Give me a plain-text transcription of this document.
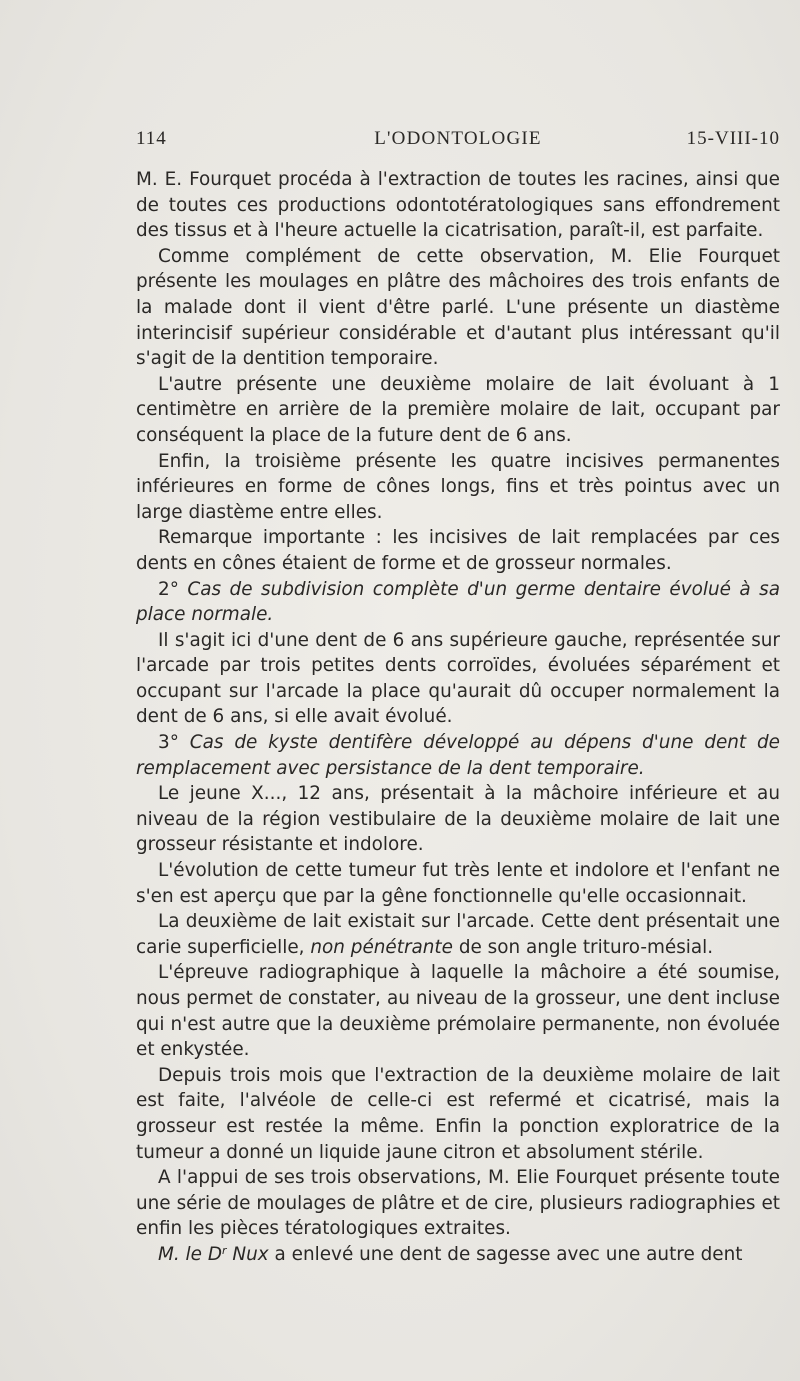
114	L'ODONTOLOGIE	15-VIII-10

M. E. Fourquet procéda à l'extraction de toutes les racines, ainsi que de toutes ces productions odontotératologiques sans effondrement des tissus et à l'heure actuelle la cicatrisation, paraît-il, est parfaite.

Comme complément de cette observation, M. Elie Fourquet présente les moulages en plâtre des mâchoires des trois enfants de la malade dont il vient d'être parlé. L'une présente un diastème interincisif supérieur considérable et d'autant plus intéressant qu'il s'agit de la dentition temporaire.

L'autre présente une deuxième molaire de lait évoluant à 1 centimètre en arrière de la première molaire de lait, occupant par conséquent la place de la future dent de 6 ans.

Enfin, la troisième présente les quatre incisives permanentes inférieures en forme de cônes longs, fins et très pointus avec un large diastème entre elles.

Remarque importante : les incisives de lait remplacées par ces dents en cônes étaient de forme et de grosseur normales.

2° Cas de subdivision complète d'un germe dentaire évolué à sa place normale.

Il s'agit ici d'une dent de 6 ans supérieure gauche, représentée sur l'arcade par trois petites dents corroïdes, évoluées séparément et occupant sur l'arcade la place qu'aurait dû occuper normalement la dent de 6 ans, si elle avait évolué.

3° Cas de kyste dentifère développé au dépens d'une dent de remplacement avec persistance de la dent temporaire.

Le jeune X..., 12 ans, présentait à la mâchoire inférieure et au niveau de la région vestibulaire de la deuxième molaire de lait une grosseur résistante et indolore.

L'évolution de cette tumeur fut très lente et indolore et l'enfant ne s'en est aperçu que par la gêne fonctionnelle qu'elle occasionnait.

La deuxième de lait existait sur l'arcade. Cette dent présentait une carie superficielle, non pénétrante de son angle trituro-mésial.

L'épreuve radiographique à laquelle la mâchoire a été soumise, nous permet de constater, au niveau de la grosseur, une dent incluse qui n'est autre que la deuxième prémolaire permanente, non évoluée et enkystée.

Depuis trois mois que l'extraction de la deuxième molaire de lait est faite, l'alvéole de celle-ci est refermé et cicatrisé, mais la grosseur est restée la même. Enfin la ponction exploratrice de la tumeur a donné un liquide jaune citron et absolument stérile.

A l'appui de ses trois observations, M. Elie Fourquet présente toute une série de moulages de plâtre et de cire, plusieurs radiographies et enfin les pièces tératologiques extraites.

M. le $D^r$ Nux a enlevé une dent de sagesse avec une autre dent
